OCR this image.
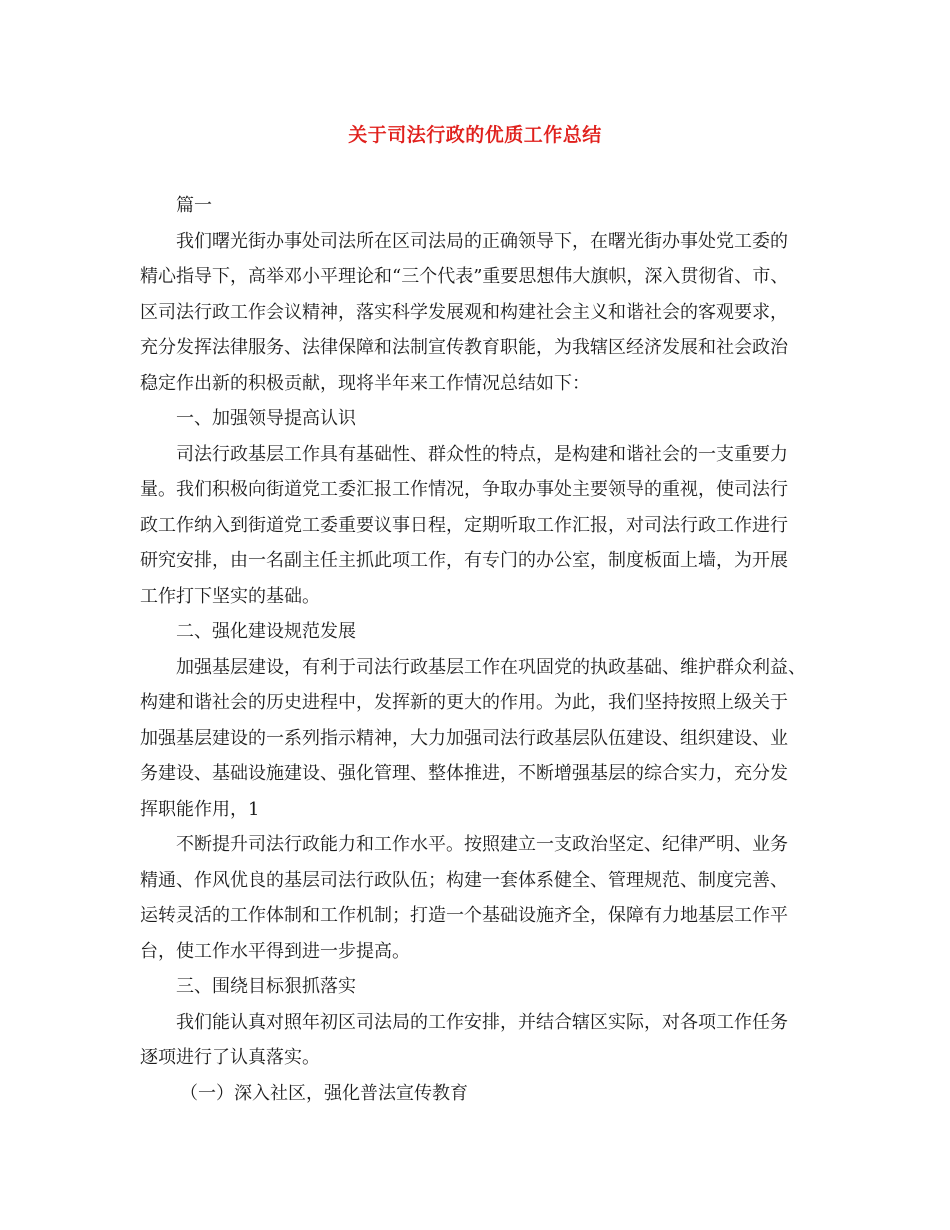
关于司法行政的优质工作总结
篇一
我们曙光街办事处司法所在区司法局的正确领导下，在曙光街办事处党工委的
精心指导下，高举邓小平理论和“三个代表”重要思想伟大旗帜，深入贯彻省、市、
区司法行政工作会议精神，落实科学发展观和构建社会主义和谐社会的客观要求，
充分发挥法律服务、法律保障和法制宣传教育职能，为我辖区经济发展和社会政治
稳定作出新的积极贡献，现将半年来工作情况总结如下：
一、加强领导提高认识
司法行政基层工作具有基础性、群众性的特点，是构建和谐社会的一支重要力
量。我们积极向街道党工委汇报工作情况，争取办事处主要领导的重视，使司法行
政工作纳入到街道党工委重要议事日程，定期听取工作汇报，对司法行政工作进行
研究安排，由一名副主任主抓此项工作，有专门的办公室，制度板面上墙，为开展
工作打下坚实的基础。
二、强化建设规范发展
加强基层建设，有利于司法行政基层工作在巩固党的执政基础、维护群众利益、
构建和谐社会的历史进程中，发挥新的更大的作用。为此，我们坚持按照上级关于
加强基层建设的一系列指示精神，大力加强司法行政基层队伍建设、组织建设、业
务建设、基础设施建设、强化管理、整体推进，不断增强基层的综合实力，充分发
挥职能作用，1
不断提升司法行政能力和工作水平。按照建立一支政治坚定、纪律严明、业务
精通、作风优良的基层司法行政队伍；构建一套体系健全、管理规范、制度完善、
运转灵活的工作体制和工作机制；打造一个基础设施齐全，保障有力地基层工作平
台，使工作水平得到进一步提高。
三、围绕目标狠抓落实
我们能认真对照年初区司法局的工作安排，并结合辖区实际，对各项工作任务
逐项进行了认真落实。
（一）深入社区，强化普法宣传教育
